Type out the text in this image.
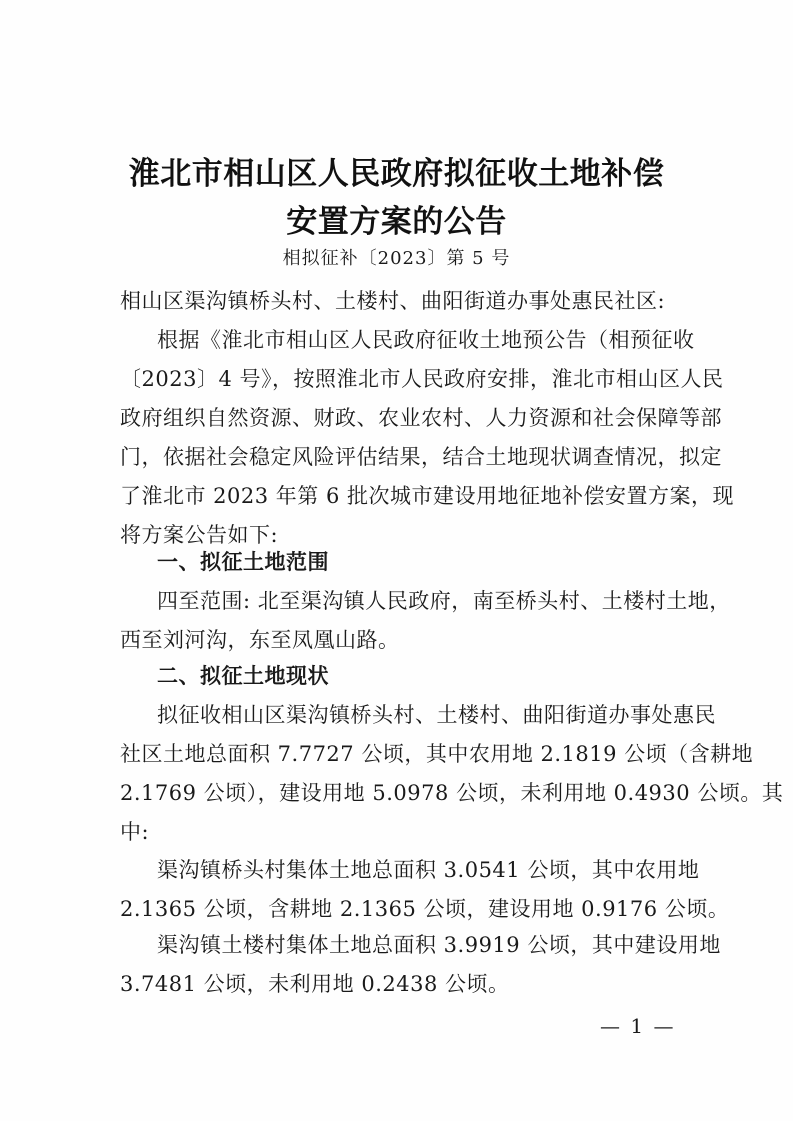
淮北市相山区人民政府拟征收土地补偿
安置方案的公告
相拟征补〔2023〕第 5 号
相山区渠沟镇桥头村、土楼村、曲阳街道办事处惠民社区:
根据《淮北市相山区人民政府征收土地预公告（相预征收
〔2023〕4 号》，按照淮北市人民政府安排，淮北市相山区人民
政府组织自然资源、财政、农业农村、人力资源和社会保障等部
门，依据社会稳定风险评估结果，结合土地现状调查情况，拟定
了淮北市 2023 年第 6 批次城市建设用地征地补偿安置方案，现
将方案公告如下:
一、拟征土地范围
四至范围: 北至渠沟镇人民政府，南至桥头村、土楼村土地，
西至刘河沟，东至凤凰山路。
二、拟征土地现状
拟征收相山区渠沟镇桥头村、土楼村、曲阳街道办事处惠民
社区土地总面积 7.7727 公顷，其中农用地 2.1819 公顷（含耕地
2.1769 公顷），建设用地 5.0978 公顷，未利用地 0.4930 公顷。其
中:
渠沟镇桥头村集体土地总面积 3.0541 公顷，其中农用地
2.1365 公顷，含耕地 2.1365 公顷，建设用地 0.9176 公顷。
渠沟镇土楼村集体土地总面积 3.9919 公顷，其中建设用地
3.7481 公顷，未利用地 0.2438 公顷。
— 1 —
